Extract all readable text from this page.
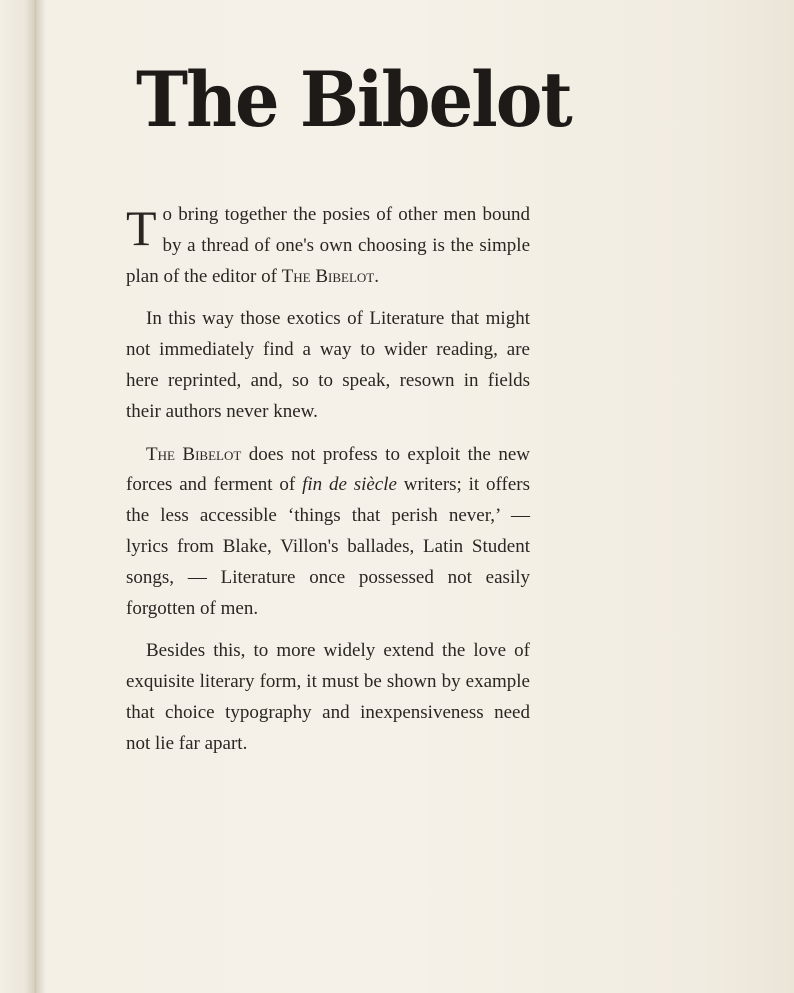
The Bibelot

To bring together the posies of other men bound by a thread of one's own choosing is the simple plan of the editor of The Bibelot.

In this way those exotics of Literature that might not immediately find a way to wider reading, are here reprinted, and, so to speak, resown in fields their authors never knew.

The Bibelot does not profess to exploit the new forces and ferment of fin de siècle writers; it offers the less accessible ‘things that perish never,’ — lyrics from Blake, Villon's ballades, Latin Student songs, — Literature once possessed not easily forgotten of men.

Besides this, to more widely extend the love of exquisite literary form, it must be shown by example that choice typography and inexpensiveness need not lie far apart.
